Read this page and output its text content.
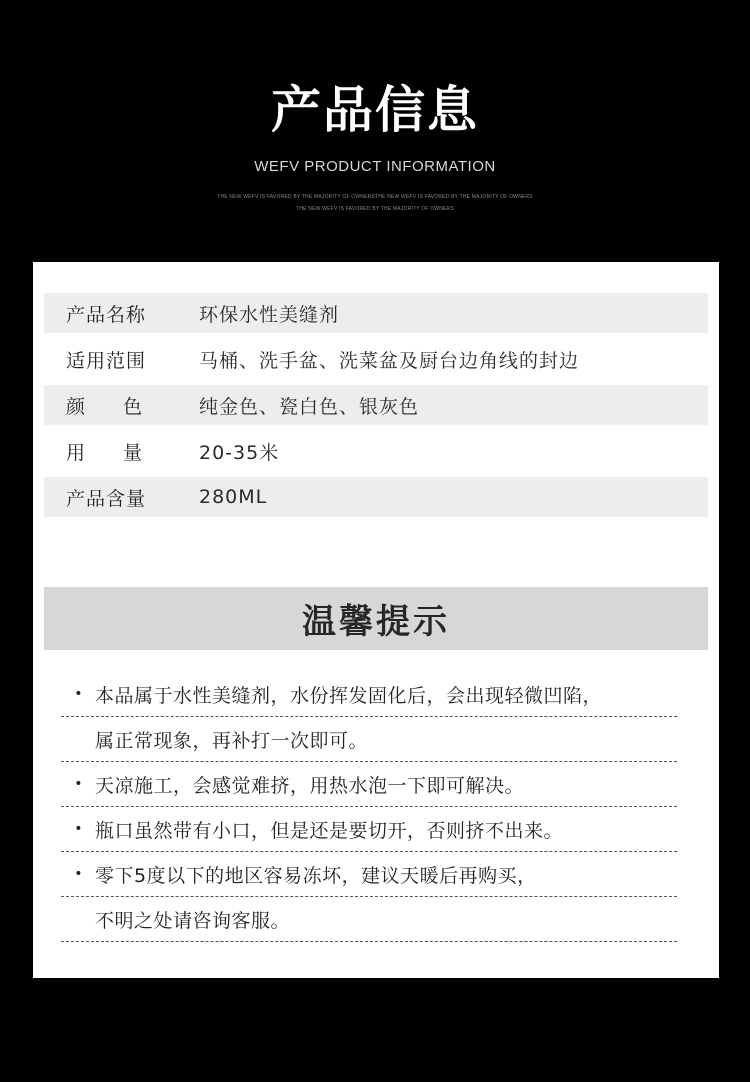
产品信息
WEFV PRODUCT INFORMATION
THE NEW WEFV IS FAVORED BY THE MAJORITY OF OWNERSTHE NEW WEFV IS FAVORED BY THE MAJORITY OF OWNERS
THE NEW WEFV IS FAVORED BY THE MAJORITY OF OWNERS
产品名称	环保水性美缝剂
适用范围	马桶、洗手盆、洗菜盆及厨台边角线的封边
颜　　色	纯金色、瓷白色、银灰色
用　　量	20-35米
产品含量	280ML
温馨提示
• 本品属于水性美缝剂，水份挥发固化后，会出现轻微凹陷，
属正常现象，再补打一次即可。
• 天凉施工，会感觉难挤，用热水泡一下即可解决。
• 瓶口虽然带有小口，但是还是要切开，否则挤不出来。
• 零下5度以下的地区容易冻坏，建议天暖后再购买，
不明之处请咨询客服。
